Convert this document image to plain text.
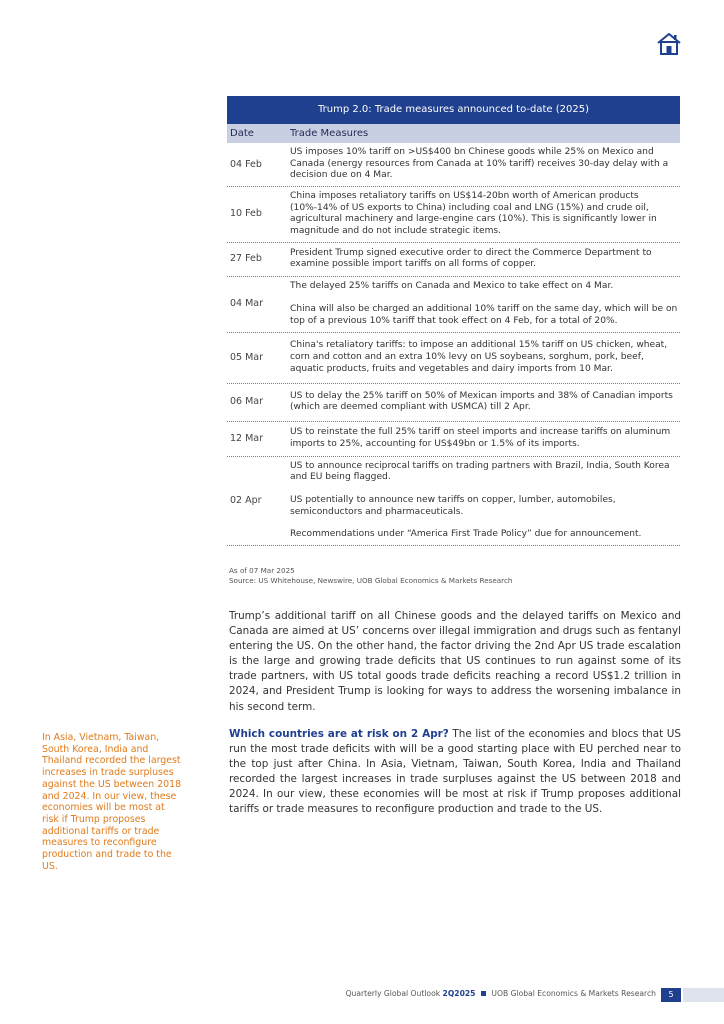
Trump 2.0: Trade measures announced to-date (2025)
Date	Trade Measures
04 Feb

US imposes 10% tariff on >US$400 bn Chinese goods while 25% on Mexico and Canada (energy resources from Canada at 10% tariff) receives 30-day delay with a decision due on 4 Mar.

10 Feb

China imposes retaliatory tariffs on US$14-20bn worth of American products (10%-14% of US exports to China) including coal and LNG (15%) and crude oil, agricultural machinery and large-engine cars (10%). This is significantly lower in magnitude and do not include strategic items.

27 Feb

President Trump signed executive order to direct the Commerce Department to examine possible import tariffs on all forms of copper.

04 Mar

The delayed 25% tariffs on Canada and Mexico to take effect on 4 Mar.

China will also be charged an additional 10% tariff on the same day, which will be on top of a previous 10% tariff that took effect on 4 Feb, for a total of 20%.

05 Mar

China's retaliatory tariffs: to impose an additional 15% tariff on US chicken, wheat, corn and cotton and an extra 10% levy on US soybeans, sorghum, pork, beef, aquatic products, fruits and vegetables and dairy imports from 10 Mar.

06 Mar

US to delay the 25% tariff on 50% of Mexican imports and 38% of Canadian imports (which are deemed compliant with USMCA) till 2 Apr.

12 Mar

US to reinstate the full 25% tariff on steel imports and increase tariffs on aluminum imports to 25%, accounting for US$49bn or 1.5% of its imports.

02 Apr

US to announce reciprocal tariffs on trading partners with Brazil, India, South Korea and EU being flagged.

US potentially to announce new tariffs on copper, lumber, automobiles, semiconductors and pharmaceuticals.

Recommendations under “America First Trade Policy” due for announcement.

As of 07 Mar 2025
Source: US Whitehouse, Newswire, UOB Global Economics & Markets Research

Trump’s additional tariff on all Chinese goods and the delayed tariffs on Mexico and Canada are aimed at US’ concerns over illegal immigration and drugs such as fentanyl entering the US. On the other hand, the factor driving the 2nd Apr US trade escalation is the large and growing trade deficits that US continues to run against some of its trade partners, with US total goods trade deficits reaching a record US$1.2 trillion in 2024, and President Trump is looking for ways to address the worsening imbalance in his second term.

Which countries are at risk on 2 Apr? The list of the economies and blocs that US run the most trade deficits with will be a good starting place with EU perched near to the top just after China. In Asia, Vietnam, Taiwan, South Korea, India and Thailand recorded the largest increases in trade surpluses against the US between 2018 and 2024. In our view, these economies will be most at risk if Trump proposes additional tariffs or trade measures to reconfigure production and trade to the US.

In Asia, Vietnam, Taiwan, South Korea, India and Thailand recorded the largest increases in trade surpluses against the US between 2018 and 2024. In our view, these economies will be most at risk if Trump proposes additional tariffs or trade measures to reconfigure production and trade to the US.

Quarterly Global Outlook 2Q2025 UOB Global Economics & Markets Research	5
